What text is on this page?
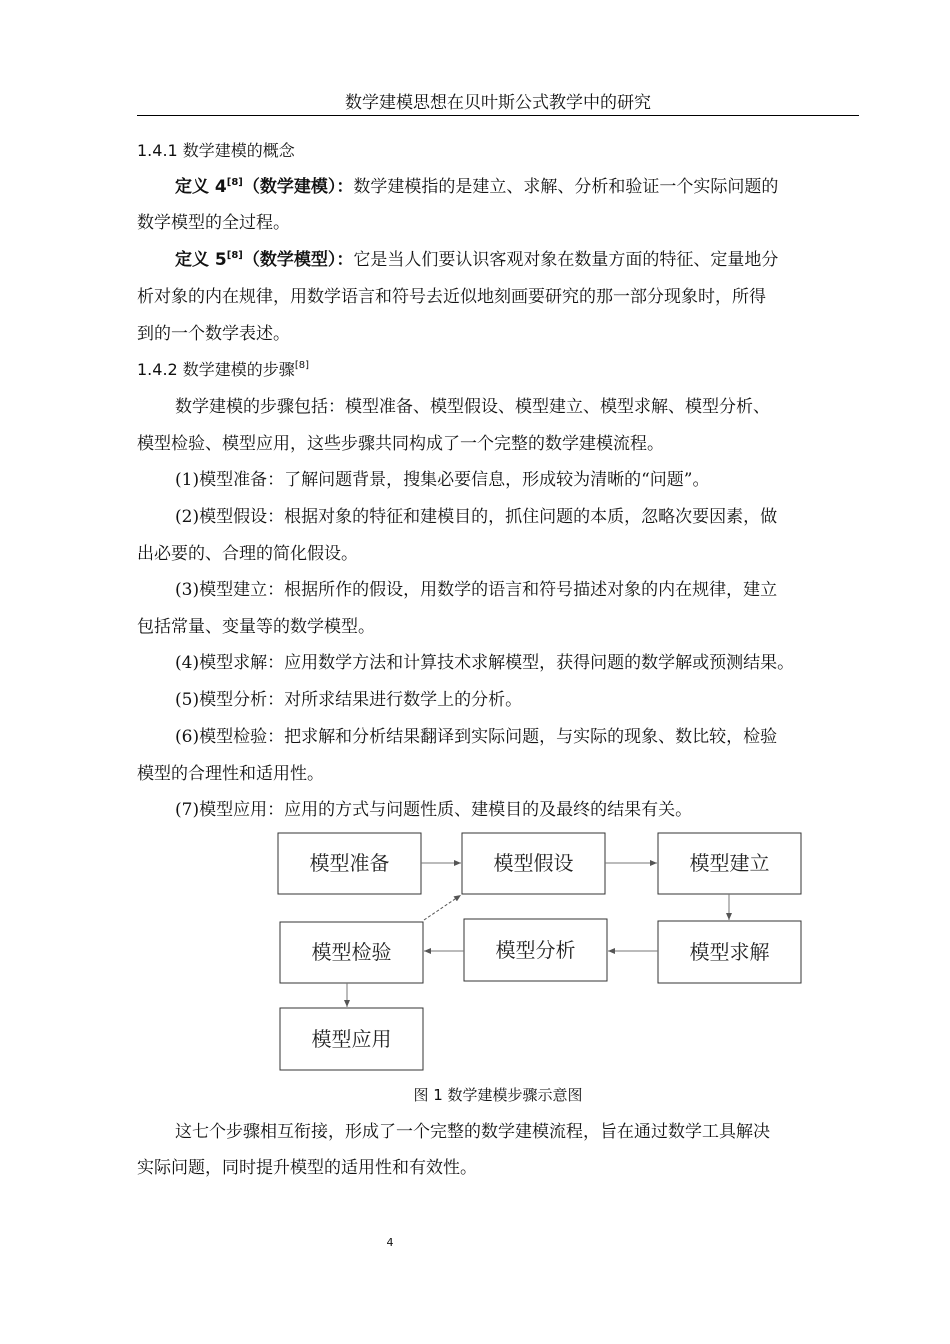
数学建模思想在贝叶斯公式教学中的研究
1.4.1 数学建模的概念
定义 4[8]（数学建模）：数学建模指的是建立、求解、分析和验证一个实际问题的
数学模型的全过程。
定义 5[8]（数学模型）：它是当人们要认识客观对象在数量方面的特征、定量地分
析对象的内在规律，用数学语言和符号去近似地刻画要研究的那一部分现象时，所得
到的一个数学表述。
1.4.2 数学建模的步骤[8]
数学建模的步骤包括：模型准备、模型假设、模型建立、模型求解、模型分析、
模型检验、模型应用，这些步骤共同构成了一个完整的数学建模流程。
(1)模型准备：了解问题背景，搜集必要信息，形成较为清晰的“问题”。
(2)模型假设：根据对象的特征和建模目的，抓住问题的本质，忽略次要因素，做
出必要的、合理的简化假设。
(3)模型建立：根据所作的假设，用数学的语言和符号描述对象的内在规律，建立
包括常量、变量等的数学模型。
(4)模型求解：应用数学方法和计算技术求解模型，获得问题的数学解或预测结果。
(5)模型分析：对所求结果进行数学上的分析。
(6)模型检验：把求解和分析结果翻译到实际问题，与实际的现象、数比较，检验
模型的合理性和适用性。
(7)模型应用：应用的方式与问题性质、建模目的及最终的结果有关。
模型准备	模型假设	模型建立
模型求解
模型分析
模型检验
模型应用
图 1 数学建模步骤示意图
这七个步骤相互衔接，形成了一个完整的数学建模流程，旨在通过数学工具解决
实际问题，同时提升模型的适用性和有效性。
4
